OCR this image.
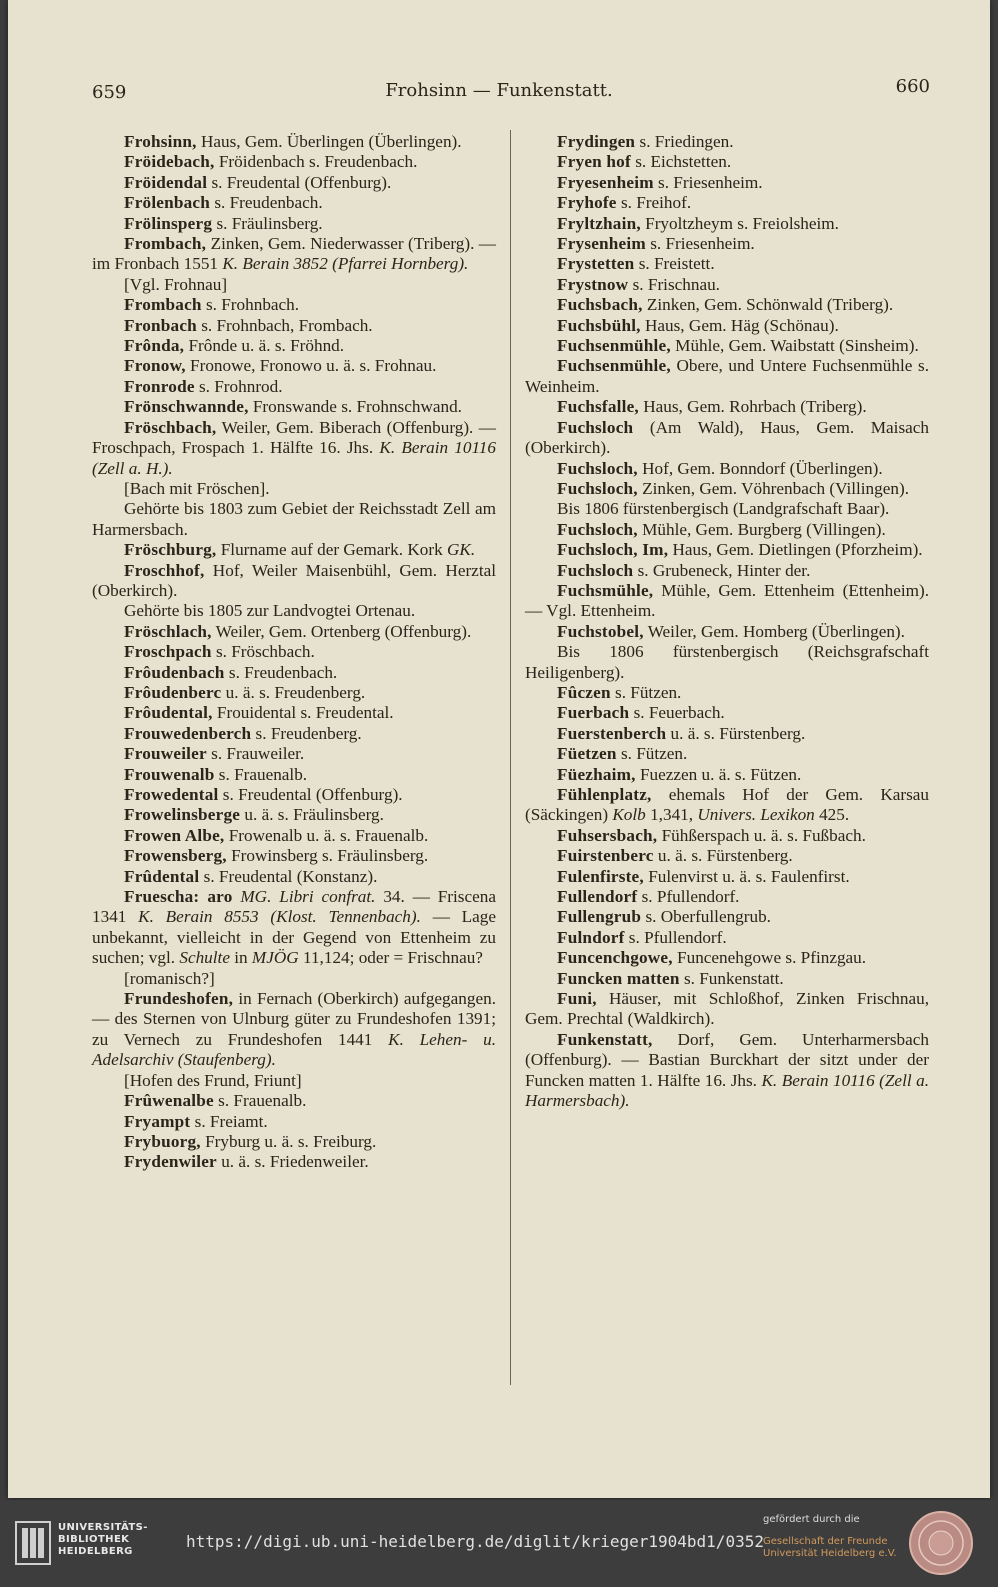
659	Frohsinn — Funkenstatt.	660

Frohsinn, Haus, Gem. Überlingen (Überlingen).

Fröidebach, Fröidenbach s. Freudenbach.

Fröidendal s. Freudental (Offenburg).

Frölenbach s. Freudenbach.

Frölinsperg s. Fräulinsberg.

Frombach, Zinken, Gem. Niederwasser (Triberg). — im Fronbach 1551 K. Berain 3852 (Pfarrei Hornberg).

[Vgl. Frohnau]

Frombach s. Frohnbach.

Fronbach s. Frohnbach, Frombach.

Frônda, Frônde u. ä. s. Fröhnd.

Fronow, Fronowe, Fronowo u. ä. s. Frohnau.

Fronrode s. Frohnrod.

Frönschwannde, Fronswande s. Frohnschwand.

Fröschbach, Weiler, Gem. Biberach (Offenburg). — Froschpach, Frospach 1. Hälfte 16. Jhs. K. Berain 10116 (Zell a. H.).

[Bach mit Fröschen].

Gehörte bis 1803 zum Gebiet der Reichsstadt Zell am Harmersbach.

Fröschburg, Flurname auf der Gemark. Kork GK.

Froschhof, Hof, Weiler Maisenbühl, Gem. Herztal (Oberkirch).

Gehörte bis 1805 zur Landvogtei Ortenau.

Fröschlach, Weiler, Gem. Ortenberg (Offenburg).

Froschpach s. Fröschbach.

Frôudenbach s. Freudenbach.

Frôudenberc u. ä. s. Freudenberg.

Frôudental, Frouidental s. Freudental.

Frouwedenberch s. Freudenberg.

Frouweiler s. Frauweiler.

Frouwenalb s. Frauenalb.

Frowedental s. Freudental (Offenburg).

Frowelinsberge u. ä. s. Fräulinsberg.

Frowen Albe, Frowenalb u. ä. s. Frauenalb.

Frowensberg, Frowinsberg s. Fräulinsberg.

Frûdental s. Freudental (Konstanz).

Fruescha: aro MG. Libri confrat. 34. — Friscena 1341 K. Berain 8553 (Klost. Tennenbach). — Lage unbekannt, vielleicht in der Gegend von Ettenheim zu suchen; vgl. Schulte in MJÖG 11,124; oder = Frischnau?

[romanisch?]

Frundeshofen, in Fernach (Oberkirch) aufgegangen. — des Sternen von Ulnburg güter zu Frundeshofen 1391; zu Vernech zu Frundeshofen 1441 K. Lehen- u. Adelsarchiv (Staufenberg).

[Hofen des Frund, Friunt]

Frûwenalbe s. Frauenalb.

Fryampt s. Freiamt.

Frybuorg, Fryburg u. ä. s. Freiburg.

Frydenwiler u. ä. s. Friedenweiler.

Frydingen s. Friedingen.

Fryen hof s. Eichstetten.

Fryesenheim s. Friesenheim.

Fryhofe s. Freihof.

Fryltzhain, Fryoltzheym s. Freiolsheim.

Frysenheim s. Friesenheim.

Frystetten s. Freistett.

Frystnow s. Frischnau.

Fuchsbach, Zinken, Gem. Schönwald (Triberg).

Fuchsbühl, Haus, Gem. Häg (Schönau).

Fuchsenmühle, Mühle, Gem. Waibstatt (Sinsheim).

Fuchsenmühle, Obere, und Untere Fuchsenmühle s. Weinheim.

Fuchsfalle, Haus, Gem. Rohrbach (Triberg).

Fuchsloch (Am Wald), Haus, Gem. Maisach (Oberkirch).

Fuchsloch, Hof, Gem. Bonndorf (Überlingen).

Fuchsloch, Zinken, Gem. Vöhrenbach (Villingen).

Bis 1806 fürstenbergisch (Landgrafschaft Baar).

Fuchsloch, Mühle, Gem. Burgberg (Villingen).

Fuchsloch, Im, Haus, Gem. Dietlingen (Pforzheim).

Fuchsloch s. Grubeneck, Hinter der.

Fuchsmühle, Mühle, Gem. Ettenheim (Ettenheim). — Vgl. Ettenheim.

Fuchstobel, Weiler, Gem. Homberg (Überlingen).

Bis 1806 fürstenbergisch (Reichsgrafschaft Heiligenberg).

Fûczen s. Fützen.

Fuerbach s. Feuerbach.

Fuerstenberch u. ä. s. Fürstenberg.

Füetzen s. Fützen.

Füezhaim, Fuezzen u. ä. s. Fützen.

Fühlenplatz, ehemals Hof der Gem. Karsau (Säckingen) Kolb 1,341, Univers. Lexikon 425.

Fuhsersbach, Fühßerspach u. ä. s. Fußbach.

Fuirstenberc u. ä. s. Fürstenberg.

Fulenfirste, Fulenvirst u. ä. s. Faulenfirst.

Fullendorf s. Pfullendorf.

Fullengrub s. Oberfullengrub.

Fulndorf s. Pfullendorf.

Funcenchgowe, Funcenehgowe s. Pfinzgau.

Funcken matten s. Funkenstatt.

Funi, Häuser, mit Schloßhof, Zinken Frischnau, Gem. Prechtal (Waldkirch).

Funkenstatt, Dorf, Gem. Unterharmersbach (Offenburg). — Bastian Burckhart der sitzt under der Funcken matten 1. Hälfte 16. Jhs. K. Berain 10116 (Zell a. Harmersbach).

UNIVERSITÄTS-
BIBLIOTHEK
HEIDELBERG
https://digi.ub.uni-heidelberg.de/diglit/krieger1904bd1/0352
gefördert durch die
Gesellschaft der Freunde
Universität Heidelberg e.V.
